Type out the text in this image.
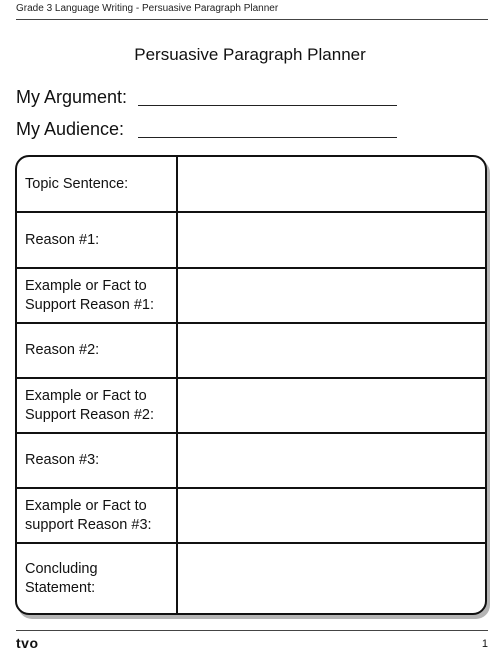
Grade 3 Language Writing - Persuasive Paragraph Planner
Persuasive Paragraph Planner
My Argument:
My Audience:
Topic Sentence:
Reason #1:
Example or Fact to
Support Reason #1:
Reason #2:
Example or Fact to
Support Reason #2:
Reason #3:
Example or Fact to
support Reason #3:
Concluding
Statement:
tvo	1
